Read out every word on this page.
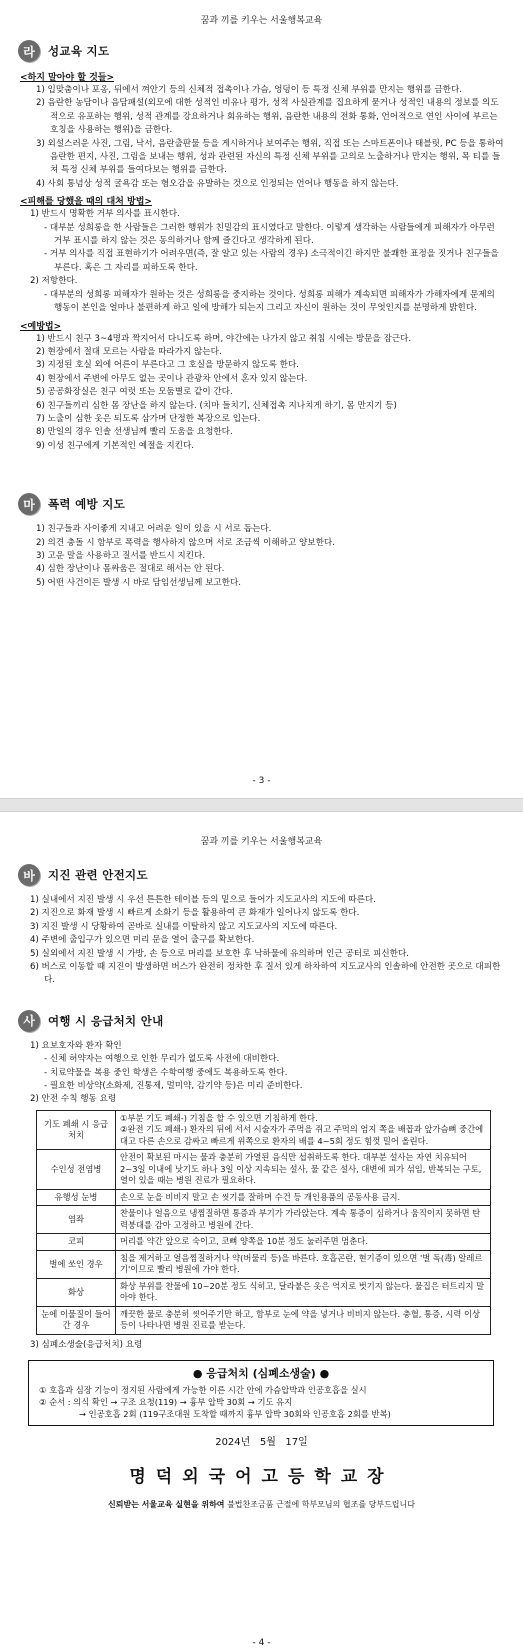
꿈과 끼를 키우는 서울행복교육
라	성교육 지도
<하지 말아야 할 것들>
1) 입맞춤이나 포옹, 뒤에서 껴안기 등의 신체적 접촉이나 가슴, 엉덩이 등 특정 신체 부위를 만지는 행위를 금한다.
2) 음란한 농담이나 음담패설(외모에 대한 성적인 비유나 평가, 성적 사실관계를 집요하게 묻거나 성적인 내용의 정보를 의도적으로 유포하는 행위, 성적 관계를 강요하거나 회유하는 행위, 음란한 내용의 전화 통화, 언어적으로 연인 사이에 부르는 호칭을 사용하는 행위)을 금한다.
3) 외설스러운 사진, 그림, 낙서, 음란출판물 등을 게시하거나 보여주는 행위, 직접 또는 스마트폰이나 태블릿, PC 등을 통하여 음란한 편지, 사진, 그림을 보내는 행위, 성과 관련된 자신의 특정 신체 부위를 고의로 노출하거나 만지는 행위, 목 티를 들쳐 특정 신체 부위를 들여다보는 행위를 금한다.
4) 사회 통념상 성적 굴욕감 또는 혐오감을 유발하는 것으로 인정되는 언어나 행동을 하지 않는다.
<피해를 당했을 때의 대처 방법>
1) 반드시 명확한 거부 의사를 표시한다.
- 대부분 성희롱을 한 사람들은 그러한 행위가 친밀감의 표시였다고 말한다. 이렇게 생각하는 사람들에게 피해자가 아무런 거부 표시를 하지 않는 것은 동의하거나 함께 즐긴다고 생각하게 된다.
- 거부 의사를 직접 표현하기가 어려우면(즉, 잘 알고 있는 사람의 경우) 소극적이긴 하지만 불쾌한 표정을 짓거나 친구들을 부른다. 혹은 그 자리를 피하도록 한다.
2) 저항한다.
- 대부분의 성희롱 피해자가 원하는 것은 성희롱을 중지하는 것이다. 성희롱 피해가 계속되면 피해자가 가해자에게 문제의 행동이 본인을 얼마나 불편하게 하고 일에 방해가 되는지 그리고 자신이 원하는 것이 무엇인지를 분명하게 밝힌다.
<예방법>
1) 반드시 친구 3~4명과 짝지어서 다니도록 하며, 야간에는 나가지 않고 취침 시에는 방문을 잠근다.
2) 현장에서 절대 모르는 사람을 따라가지 않는다.
3) 지정된 호실 외에 어른이 부른다고 그 호실을 방문하지 않도록 한다.
4) 현장에서 주변에 아무도 없는 곳이나 관광차 안에서 혼자 있지 않는다.
5) 공공화장실은 친구 여럿 또는 모둠별로 같이 간다.
6) 친구들끼리 심한 몸 장난을 하지 않는다. (치마 들치기, 신체접촉 지나치게 하기, 몸 만지기 등)
7) 노출이 심한 옷은 되도록 삼가며 단정한 복장으로 입는다.
8) 만일의 경우 인솔 선생님께 빨리 도움을 요청한다.
9) 이성 친구에게 기본적인 예절을 지킨다.
마	폭력 예방 지도
1) 친구들과 사이좋게 지내고 어려운 일이 있을 시 서로 돕는다.
2) 의견 충돌 시 함부로 폭력을 행사하지 않으며 서로 조금씩 이해하고 양보한다.
3) 고운 말을 사용하고 질서를 반드시 지킨다.
4) 심한 장난이나 몸싸움은 절대로 해서는 안 된다.
5) 어떤 사건이든 발생 시 바로 담임선생님께 보고한다.
- 3 -
꿈과 끼를 키우는 서울행복교육
바	지진 관련 안전지도
1) 실내에서 지진 발생 시 우선 튼튼한 테이블 등의 밑으로 들어가 지도교사의 지도에 따른다.
2) 지진으로 화재 발생 시 빠르게 소화기 등을 활용하여 큰 화재가 일어나지 않도록 한다.
3) 지진 발생 시 당황하여 곧바로 실내를 이탈하지 않고 지도교사의 지도에 따른다.
4) 주변에 출입구가 있으면 미리 문을 열어 출구를 확보한다.
5) 실외에서 지진 발생 시 가방, 손 등으로 머리를 보호한 후 낙하물에 유의하며 인근 공터로 피신한다.
6) 버스로 이동할 때 지진이 발생하면 버스가 완전히 정차한 후 질서 있게 하차하여 지도교사의 인솔하에 안전한 곳으로 대피한다.
사	여행 시 응급처치 안내
1) 요보호자와 환자 확인
- 신체 허약자는 여행으로 인한 무리가 없도록 사전에 대비한다.
- 치료약물을 복용 중인 학생은 수학여행 중에도 복용하도록 한다.
- 필요한 비상약(소화제, 진통제, 멀미약, 감기약 등)은 미리 준비한다.
2) 안전 수칙 행동 요령
기도 폐쇄 시 응급처치	①부분 기도 폐쇄-) 기침을 할 수 있으면 기침하게 한다.
②완전 기도 폐쇄-) 환자의 뒤에 서서 시술자가 주먹을 쥐고 주먹의 엄지 쪽을 배꼽과 앞가슴뼈 중간에 대고 다른 손으로 감싸고 빠르게 위쪽으로 환자의 배를 4~5회 정도 힘껏 밀어 올린다.
수인성 전염병	안전이 확보된 마시는 물과 충분히 가열된 음식만 섭취하도록 한다. 대부분 설사는 자연 치유되어 2~3일 이내에 낫기도 하나 3일 이상 지속되는 설사, 물 같은 설사, 대변에 피가 섞임, 반복되는 구토, 열이 있을 때는 병원 진료가 필요하다.
유행성 눈병	손으로 눈을 비비지 말고 손 씻기를 잘하며 수건 등 개인용품의 공동사용 금지.
염좌	찬물이나 얼음으로 냉찜질하면 통증과 부기가 가라앉는다. 계속 통증이 심하거나 움직이지 못하면 탄력붕대를 감아 고정하고 병원에 간다.
코피	머리를 약간 앞으로 숙이고, 코뼈 양쪽을 10분 정도 눌러주면 멈춘다.
벌에 쏘인 경우	침을 제거하고 얼음찜질하거나 약(버물리 등)을 바른다. 호흡곤란, 현기증이 있으면 '벌 독(毒) 알레르기'이므로 빨리 병원에 가야 한다.
화상	화상 부위를 찬물에 10~20분 정도 식히고, 달라붙은 옷은 억지로 벗기지 않는다. 물집은 터트리지 말아야 한다.
눈에 이물질이 들어간 경우	깨끗한 물로 충분히 씻어주기만 하고, 함부로 눈에 약을 넣거나 비비지 않는다. 충혈, 통증, 시력 이상 등이 나타나면 병원 진료를 받는다.
3) 심폐소생술(응급처치) 요령
● 응급처치 (심폐소생술) ●
① 호흡과 심장 기능이 정지된 사람에게 가능한 이른 시간 안에 가슴압박과 인공호흡을 실시
② 순서 : 의식 확인 → 구조 요청(119) → 흉부 압박 30회 → 기도 유지
→ 인공호흡 2회 (119구조대원 도착할 때까지 흉부 압박 30회와 인공호흡 2회를 반복)
2024년   5월   17일
명덕외국어고등학교장
신뢰받는 서울교육 실현을 위하여 불법찬조금품 근절에 학부모님의 협조를 당부드립니다
- 4 -
